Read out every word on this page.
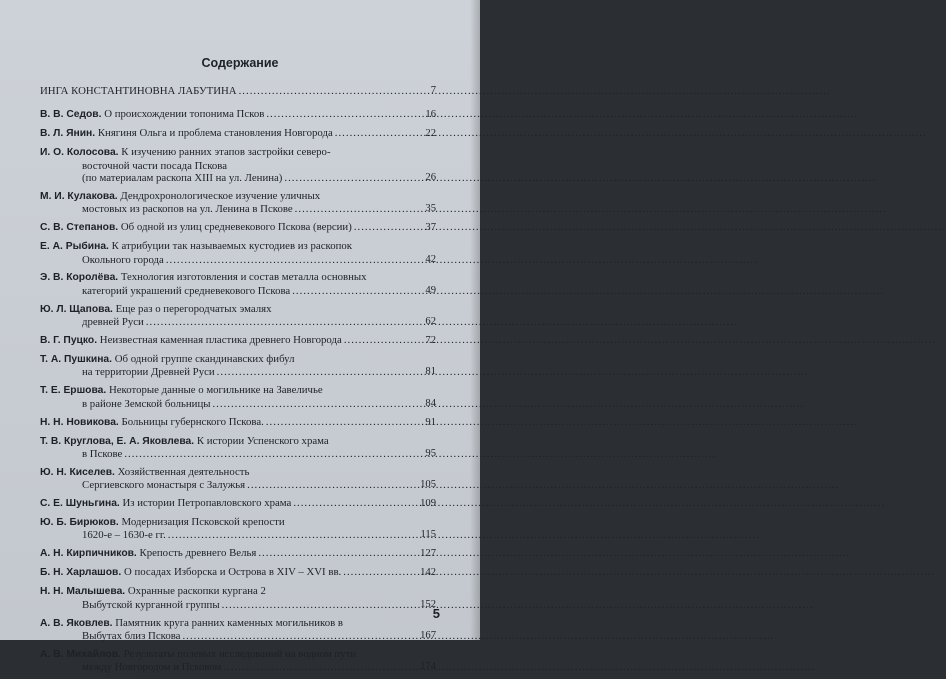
Содержание
ИНГА КОНСТАНТИНОВНА ЛАБУТИНА .....	7
В. В. Седов. О происхождении топонима Псков .....	16
В. Л. Янин. Княгиня Ольга и проблема становления Новгорода .....	22
И. О. Колосова. К изучению ранних этапов застройки северо-
восточной части посада Пскова
(по материалам раскопа XIII на ул. Ленина) .....	26
М. И. Кулакова. Дендрохронологическое изучение уличных
мостовых из раскопов на ул. Ленина в Пскове .....	35
С. В. Степанов. Об одной из улиц средневекового Пскова (версии) .....	37
Е. А. Рыбина. К атрибуции так называемых кустодиев из раскопок
Окольного города .....	42
Э. В. Королёва. Технология изготовления и состав металла основных
категорий украшений средневекового Пскова .....	49
Ю. Л. Щапова. Еще раз о перегородчатых эмалях
древней Руси .....	62
В. Г. Пуцко. Неизвестная каменная пластика древнего Новгорода .....	72
Т. А. Пушкина. Об одной группе скандинавских фибул
на территории Древней Руси .....	81
Т. Е. Ершова. Некоторые данные о могильнике на Завеличье
в районе Земской больницы .....	84
Н. Н. Новикова. Больницы губернского Пскова. .....	91
Т. В. Круглова, Е. А. Яковлева. К истории Успенского храма
в Пскове .....	95
Ю. Н. Киселев. Хозяйственная деятельность
Сергиевского монастыря с Залужья .....	105
С. Е. Шуньгина. Из истории Петропавловского храма .....	109
Ю. Б. Бирюков. Модернизация Псковской крепости
1620-е – 1630-е гг. .....	115
А. Н. Кирпичников. Крепость древнего Велья .....	127
Б. Н. Харлашов. О посадах Изборска и Острова в XIV – XVI вв. .....	142
Н. Н. Малышева. Охранные раскопки кургана 2
Выбутской курганной группы .....	152
А. В. Яковлев. Памятник круга ранних каменных могильников в
Выбутах близ Пскова .....	167
А. В. Михайлов. Результаты полевых исследований на водном пути
между Новгородом и Псковом .....	174
5
